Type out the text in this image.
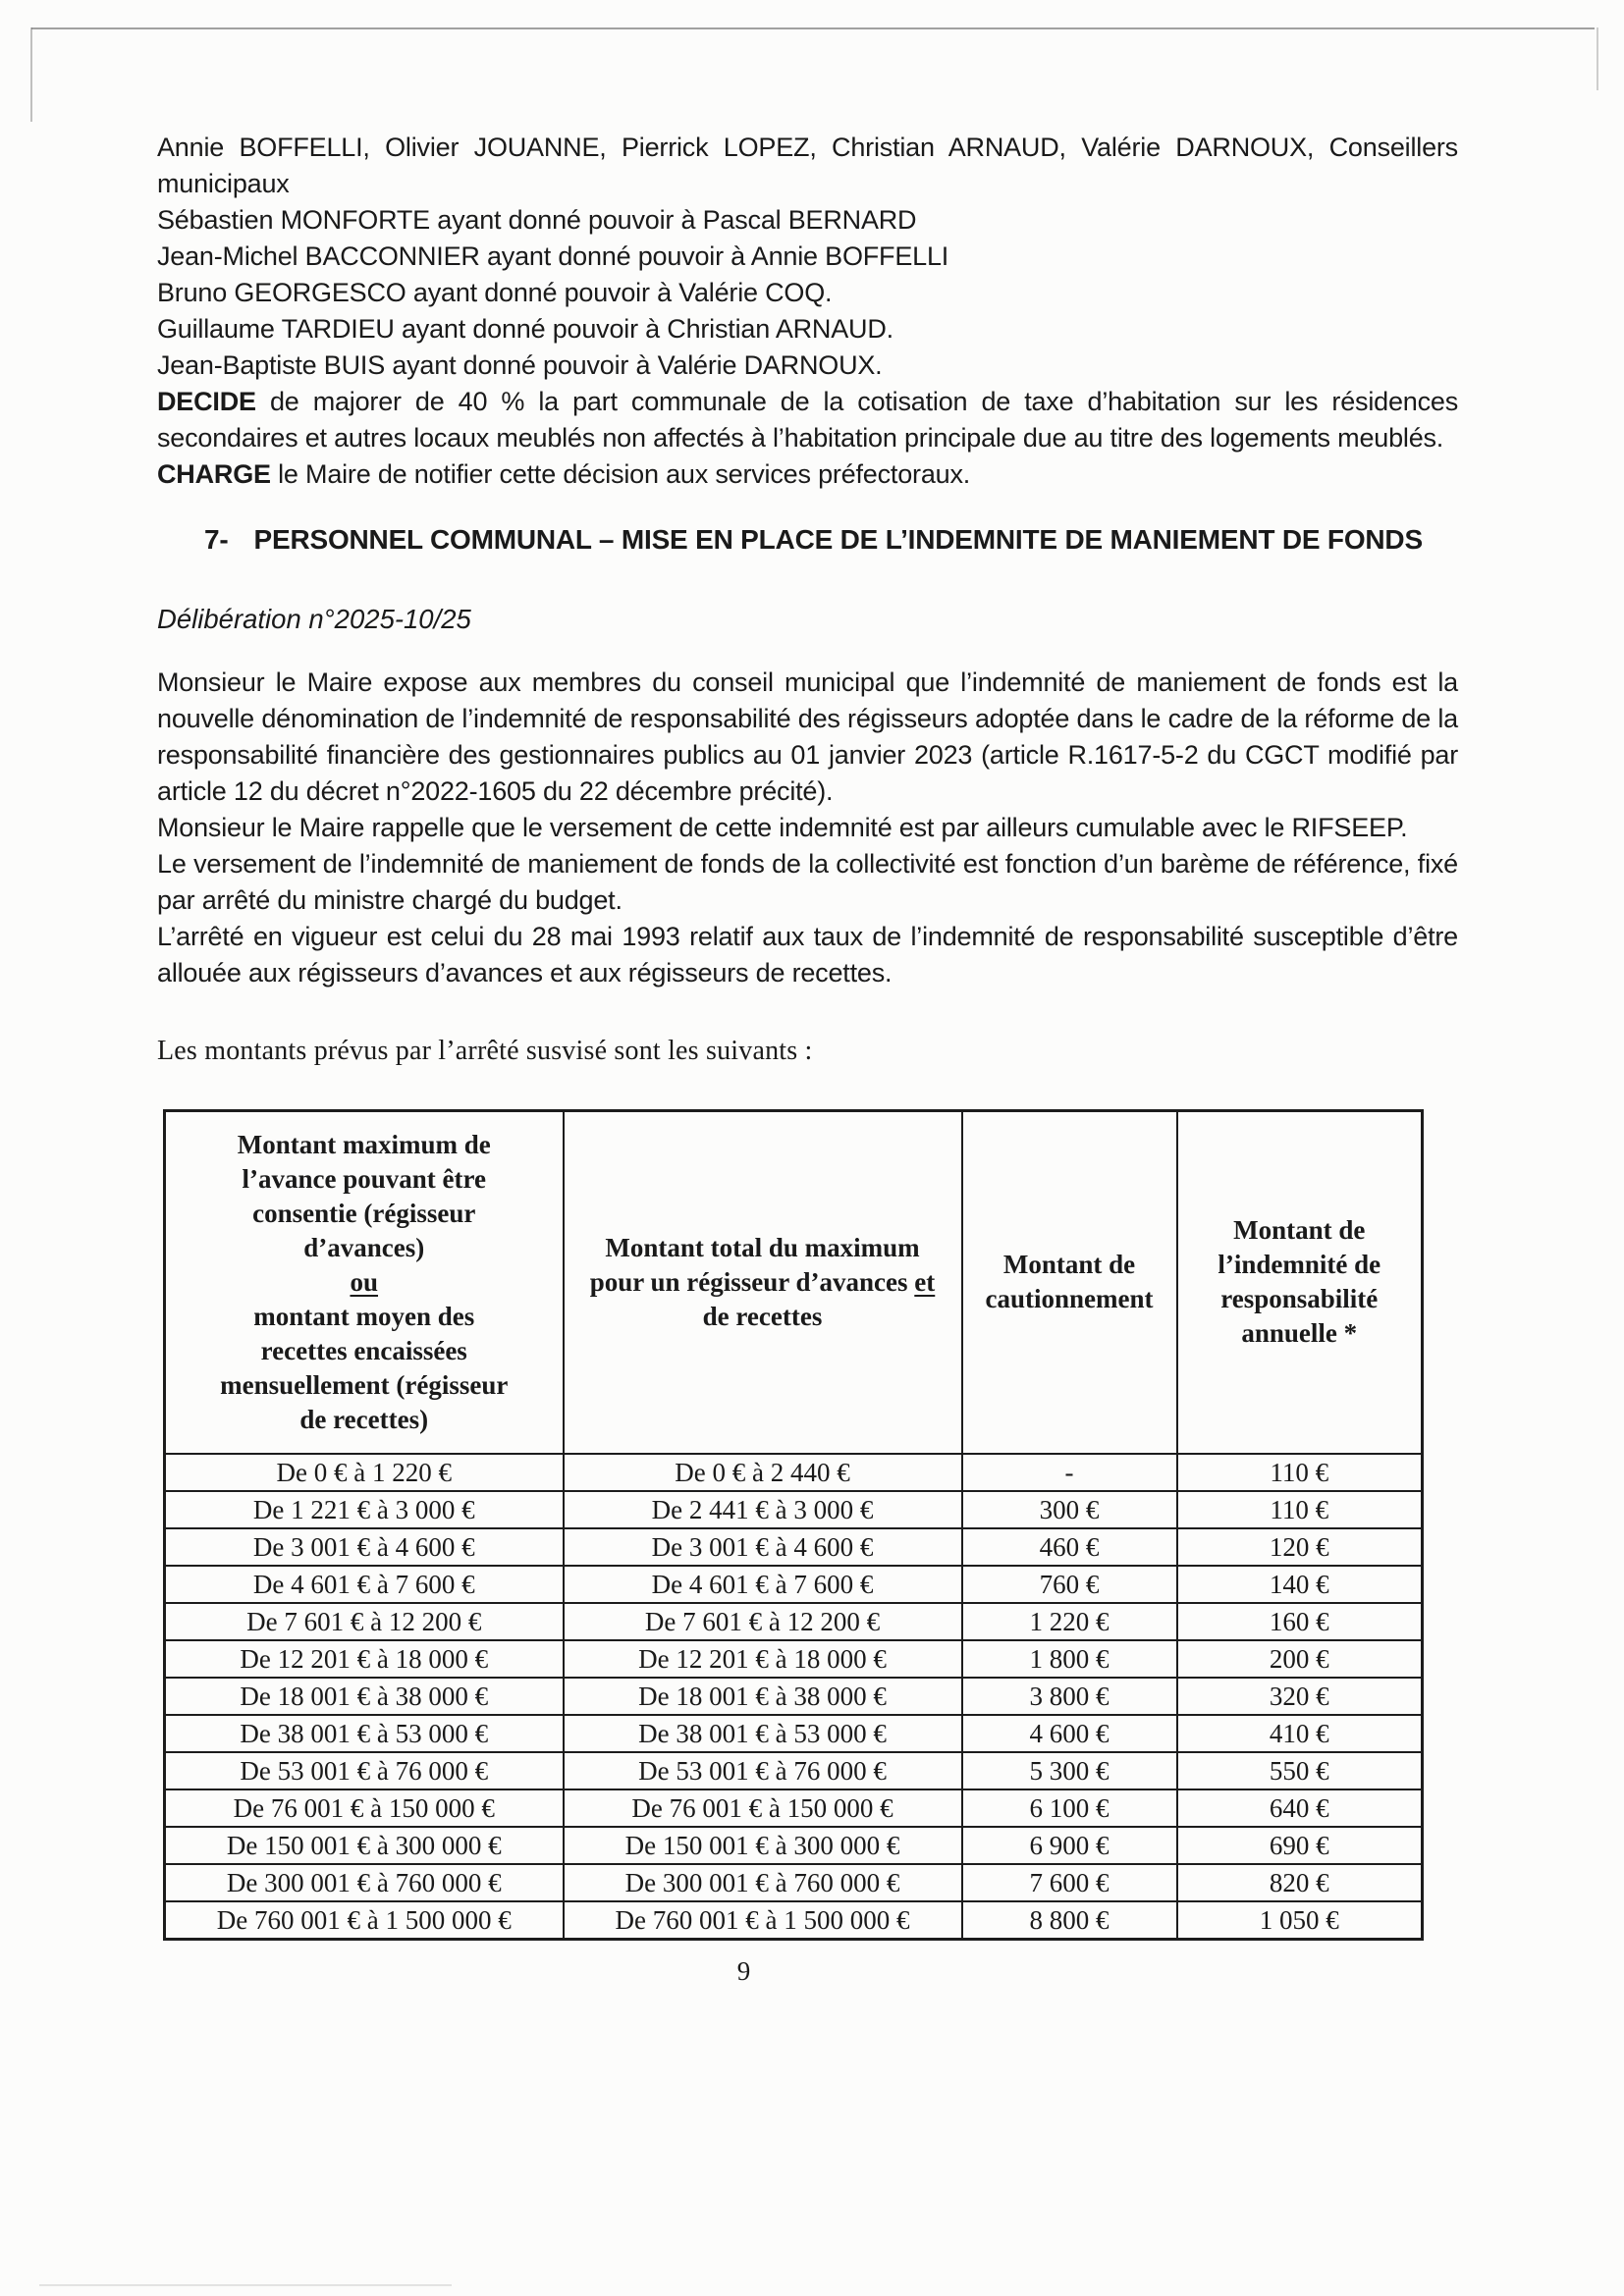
Annie BOFFELLI, Olivier JOUANNE, Pierrick LOPEZ, Christian ARNAUD, Valérie DARNOUX, Conseillers municipaux

Sébastien MONFORTE ayant donné pouvoir à Pascal BERNARD

Jean-Michel BACCONNIER ayant donné pouvoir à Annie BOFFELLI

Bruno GEORGESCO ayant donné pouvoir à Valérie COQ.

Guillaume TARDIEU ayant donné pouvoir à Christian ARNAUD.

Jean-Baptiste BUIS ayant donné pouvoir à Valérie DARNOUX.

DECIDE de majorer de 40 % la part communale de la cotisation de taxe d’habitation sur les résidences secondaires et autres locaux meublés non affectés à l’habitation principale due au titre des logements meublés.

CHARGE le Maire de notifier cette décision aux services préfectoraux.

7- PERSONNEL COMMUNAL – MISE EN PLACE DE L’INDEMNITE DE MANIEMENT DE FONDS

Délibération n°2025-10/25

Monsieur le Maire expose aux membres du conseil municipal que l’indemnité de maniement de fonds est la nouvelle dénomination de l’indemnité de responsabilité des régisseurs adoptée dans le cadre de la réforme de la responsabilité financière des gestionnaires publics au 01 janvier 2023 (article R.1617-5-2 du CGCT modifié par article 12 du décret n°2022-1605 du 22 décembre précité).

Monsieur le Maire rappelle que le versement de cette indemnité est par ailleurs cumulable avec le RIFSEEP.

Le versement de l’indemnité de maniement de fonds de la collectivité est fonction d’un barème de référence, fixé par arrêté du ministre chargé du budget.

L’arrêté en vigueur est celui du 28 mai 1993 relatif aux taux de l’indemnité de responsabilité susceptible d’être allouée aux régisseurs d’avances et aux régisseurs de recettes.

Les montants prévus par l’arrêté susvisé sont les suivants :

Montant maximum de l’avance pouvant être consentie (régisseur d’avances)
ou
montant moyen des recettes encaissées mensuellement (régisseur de recettes)	Montant total du maximum pour un régisseur d’avances et de recettes	Montant de cautionnement	Montant de l’indemnité de responsabilité annuelle *

De 0 € à 1 220 €	De 0 € à 2 440 €	-	110 €
De 1 221 € à 3 000 €	De 2 441 € à 3 000 €	300 €	110 €
De 3 001 € à 4 600 €	De 3 001 € à 4 600 €	460 €	120 €
De 4 601 € à 7 600 €	De 4 601 € à 7 600 €	760 €	140 €
De 7 601 € à 12 200 €	De 7 601 € à 12 200 €	1 220 €	160 €
De 12 201 € à 18 000 €	De 12 201 € à 18 000 €	1 800 €	200 €
De 18 001 € à 38 000 €	De 18 001 € à 38 000 €	3 800 €	320 €
De 38 001 € à 53 000 €	De 38 001 € à 53 000 €	4 600 €	410 €
De 53 001 € à 76 000 €	De 53 001 € à 76 000 €	5 300 €	550 €
De 76 001 € à 150 000 €	De 76 001 € à 150 000 €	6 100 €	640 €
De 150 001 € à 300 000 €	De 150 001 € à 300 000 €	6 900 €	690 €
De 300 001 € à 760 000 €	De 300 001 € à 760 000 €	7 600 €	820 €
De 760 001 € à 1 500 000 €	De 760 001 € à 1 500 000 €	8 800 €	1 050 €
9
